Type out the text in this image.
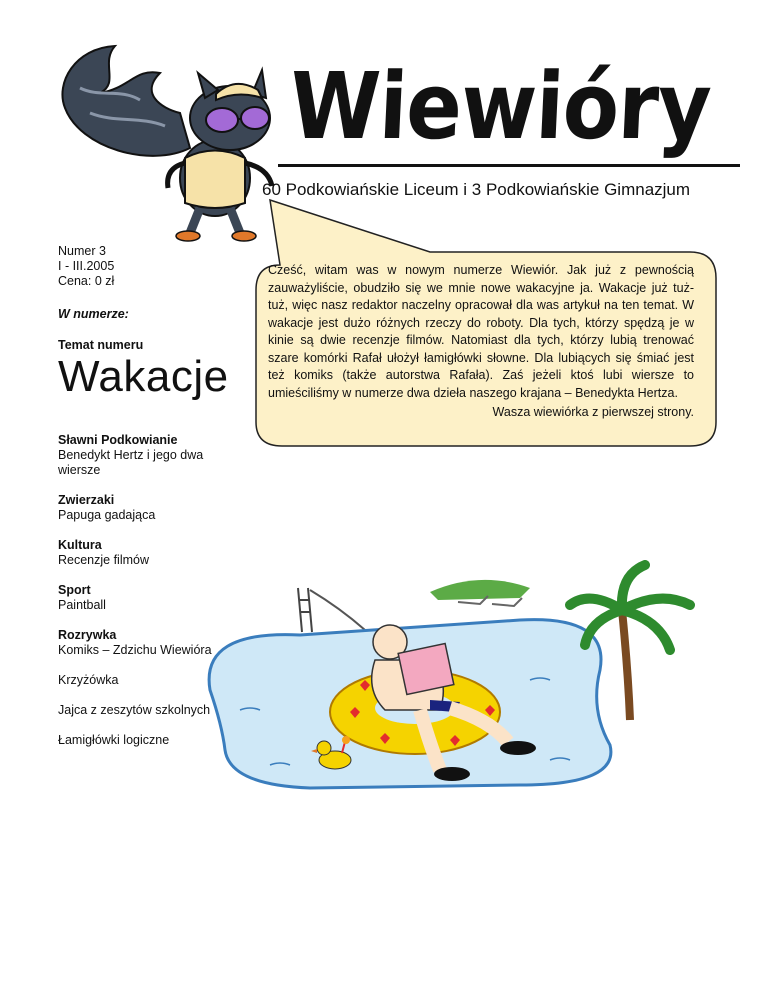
Wiewióry
60 Podkowiańskie Liceum i 3 Podkowiańskie Gimnazjum
Numer 3
I - III.2005
Cena: 0 zł
W numerze:
Temat numeru
Wakacje
Sławni Podkowianie
Benedykt Hertz i jego dwa wiersze
Zwierzaki
Papuga gadająca
Kultura
Recenzje filmów
Sport
Paintball
Rozrywka
Komiks – Zdzichu Wiewióra
Krzyżówka
Jajca z zeszytów szkolnych
Łamigłówki logiczne
Cześć, witam was w nowym numerze Wiewiór. Jak już z pewnością zauważyliście, obudziło się we mnie nowe wakacyjne ja. Wakacje już tuż-tuż, więc nasz redaktor naczelny opracował dla was artykuł na ten temat. W wakacje jest dużo różnych rzeczy do roboty. Dla tych, którzy spędzą je w kinie są dwie recenzje filmów. Natomiast dla tych, którzy lubią trenować szare komórki Rafał ułożył łamigłówki słowne. Dla lubiących się śmiać jest też komiks (także autorstwa Rafała). Zaś jeżeli ktoś lubi wiersze to umieściliśmy w numerze dwa dzieła naszego krajana – Benedykta Hertza.
Wasza wiewiórka z pierwszej strony.
